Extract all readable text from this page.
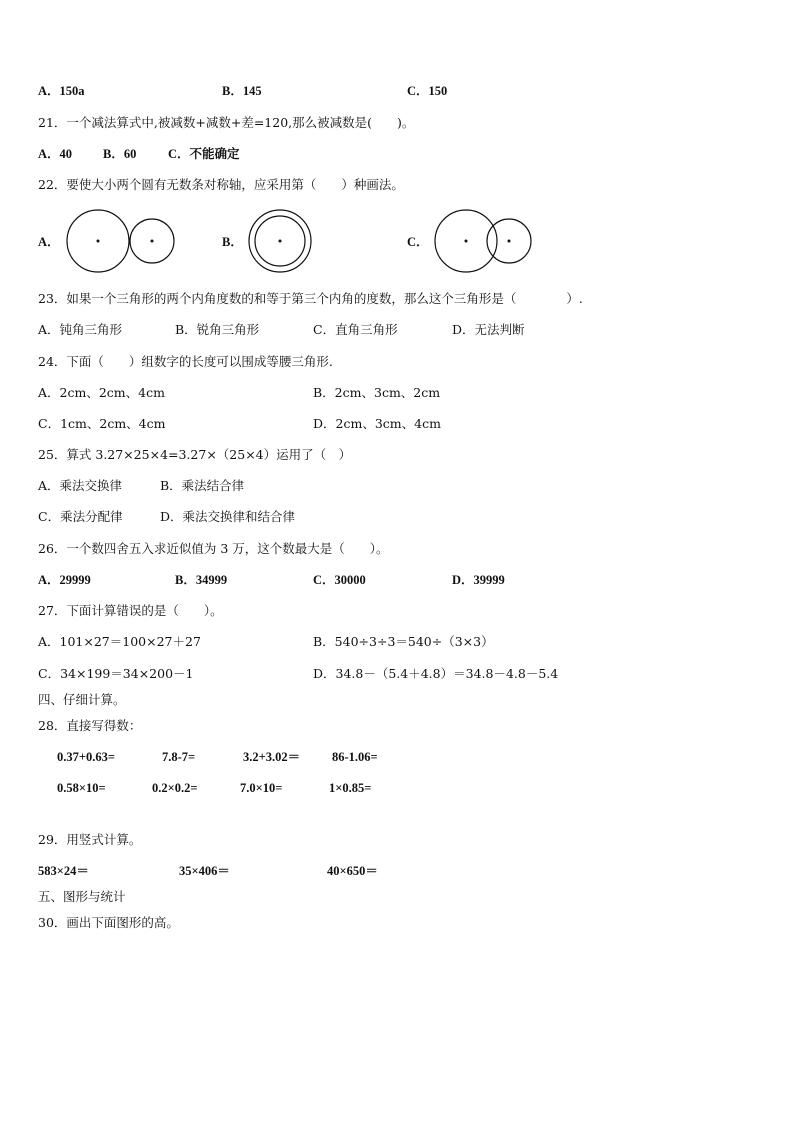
A．150a	B．145	C．150
21．一个减法算式中,被减数+减数+差=120,那么被减数是(　　)。
A．40 B．60	C．不能确定
22．要使大小两个圆有无数条对称轴，应采用第（　　）种画法。
A．	B．	C．
23．如果一个三角形的两个内角度数的和等于第三个内角的度数，那么这个三角形是（　　　　）.
A．钝角三角形	B．锐角三角形	C．直角三角形	D．无法判断
24．下面（　　）组数字的长度可以围成等腰三角形.
A．2cm、2cm、4cm	B．2cm、3cm、2cm
C．1cm、2cm、4cm	D．2cm、3cm、4cm
25．算式 3.27×25×4=3.27×（25×4）运用了（　）
A．乘法交换律	B．乘法结合律
C．乘法分配律	D．乘法交换律和结合律
26．一个数四舍五入求近似值为 3 万，这个数最大是（　　）。
A．29999	B．34999	C．30000	D．39999
27．下面计算错误的是（　　）。
A．101×27＝100×27＋27	B．540÷3÷3＝540÷（3×3）
C．34×199＝34×200－1	D．34.8－（5.4＋4.8）＝34.8－4.8－5.4
四、仔细计算。
28．直接写得数：
0.37+0.63=	7.8-7=	3.2+3.02＝	86-1.06=
0.58×10=	0.2×0.2=	7.0×10=	1×0.85=
29．用竖式计算。
583×24＝	35×406＝	40×650＝
五、图形与统计
30．画出下面图形的高。
